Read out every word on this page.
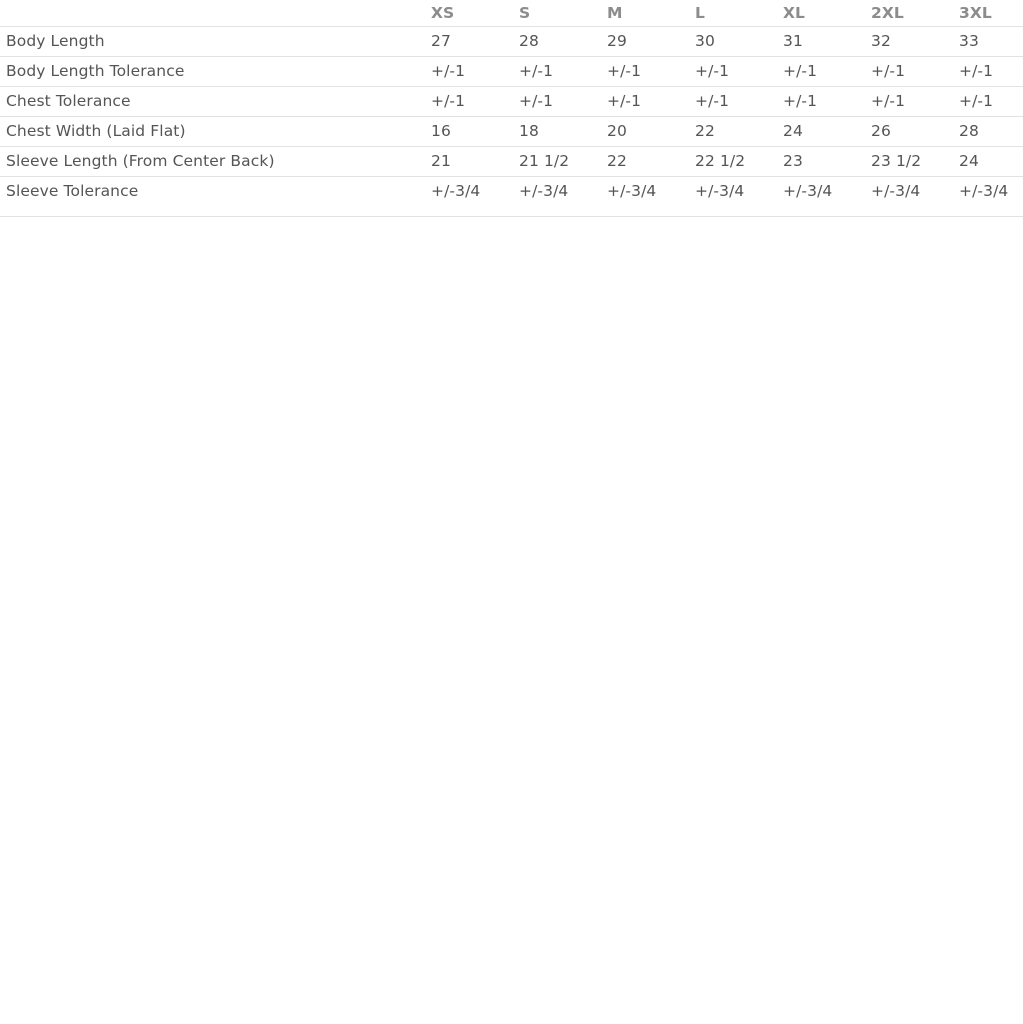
	XS	S	M	L	XL	2XL	3XL
Body Length	27	28	29	30	31	32	33
Body Length Tolerance	+/-1	+/-1	+/-1	+/-1	+/-1	+/-1	+/-1
Chest Tolerance	+/-1	+/-1	+/-1	+/-1	+/-1	+/-1	+/-1
Chest Width (Laid Flat)	16	18	20	22	24	26	28
Sleeve Length (From Center Back)	21	21 1/2	22	22 1/2	23	23 1/2	24
Sleeve Tolerance	+/-3/4	+/-3/4	+/-3/4	+/-3/4	+/-3/4	+/-3/4	+/-3/4
